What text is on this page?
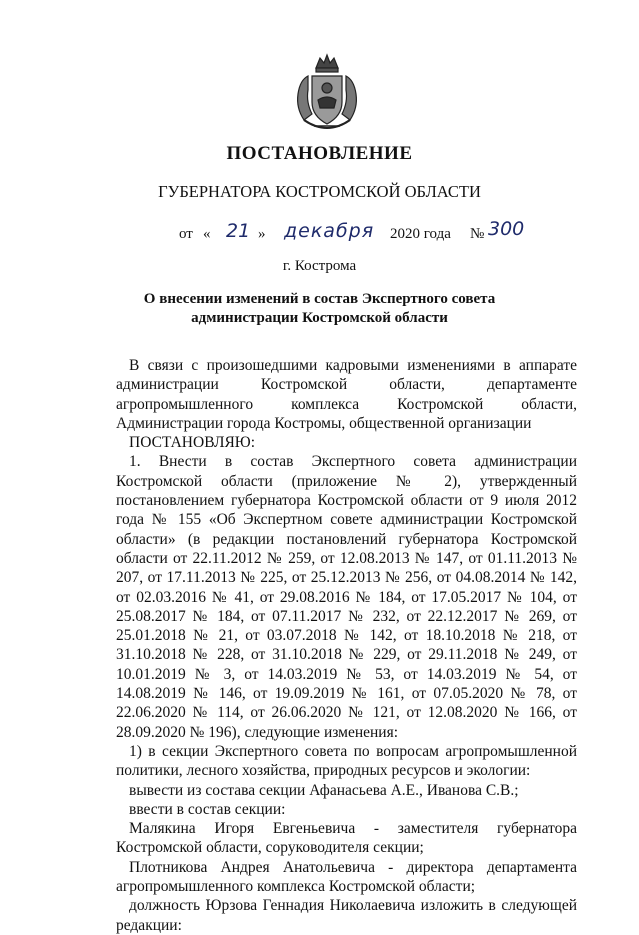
ПОСТАНОВЛЕНИЕ
ГУБЕРНАТОРА КОСТРОМСКОЙ ОБЛАСТИ
от « 21 » декабря 2020 года № 300
г. Кострома
О внесении изменений в состав Экспертного совета
администрации Костромской области

В связи с произошедшими кадровыми изменениями в аппарате администрации Костромской области, департаменте агропромышленного комплекса Костромской области, Администрации города Костромы, общественной организации

ПОСТАНОВЛЯЮ:

1. Внести в состав Экспертного совета администрации Костромской области (приложение № 2), утвержденный постановлением губернатора Костромской области от 9 июля 2012 года № 155 «Об Экспертном совете администрации Костромской области» (в редакции постановлений губернатора Костромской области от 22.11.2012 № 259, от 12.08.2013 № 147, от 01.11.2013 № 207, от 17.11.2013 № 225, от 25.12.2013 № 256, от 04.08.2014 № 142, от 02.03.2016 № 41, от 29.08.2016 № 184, от 17.05.2017 № 104, от 25.08.2017 № 184, от 07.11.2017 № 232, от 22.12.2017 № 269, от 25.01.2018 № 21, от 03.07.2018 № 142, от 18.10.2018 № 218, от 31.10.2018 № 228, от 31.10.2018 № 229, от 29.11.2018 № 249, от 10.01.2019 № 3, от 14.03.2019 № 53, от 14.03.2019 № 54, от 14.08.2019 № 146, от 19.09.2019 № 161, от 07.05.2020 № 78, от 22.06.2020 № 114, от 26.06.2020 № 121, от 12.08.2020 № 166, от 28.09.2020 № 196), следующие изменения:

1) в секции Экспертного совета по вопросам агропромышленной политики, лесного хозяйства, природных ресурсов и экологии:

вывести из состава секции Афанасьева А.Е., Иванова С.В.;

ввести в состав секции:

Малякина Игоря Евгеньевича - заместителя губернатора Костромской области, соруководителя секции;

Плотникова Андрея Анатольевича - директора департамента агропромышленного комплекса Костромской области;

должность Юрзова Геннадия Николаевича изложить в следующей редакции:
